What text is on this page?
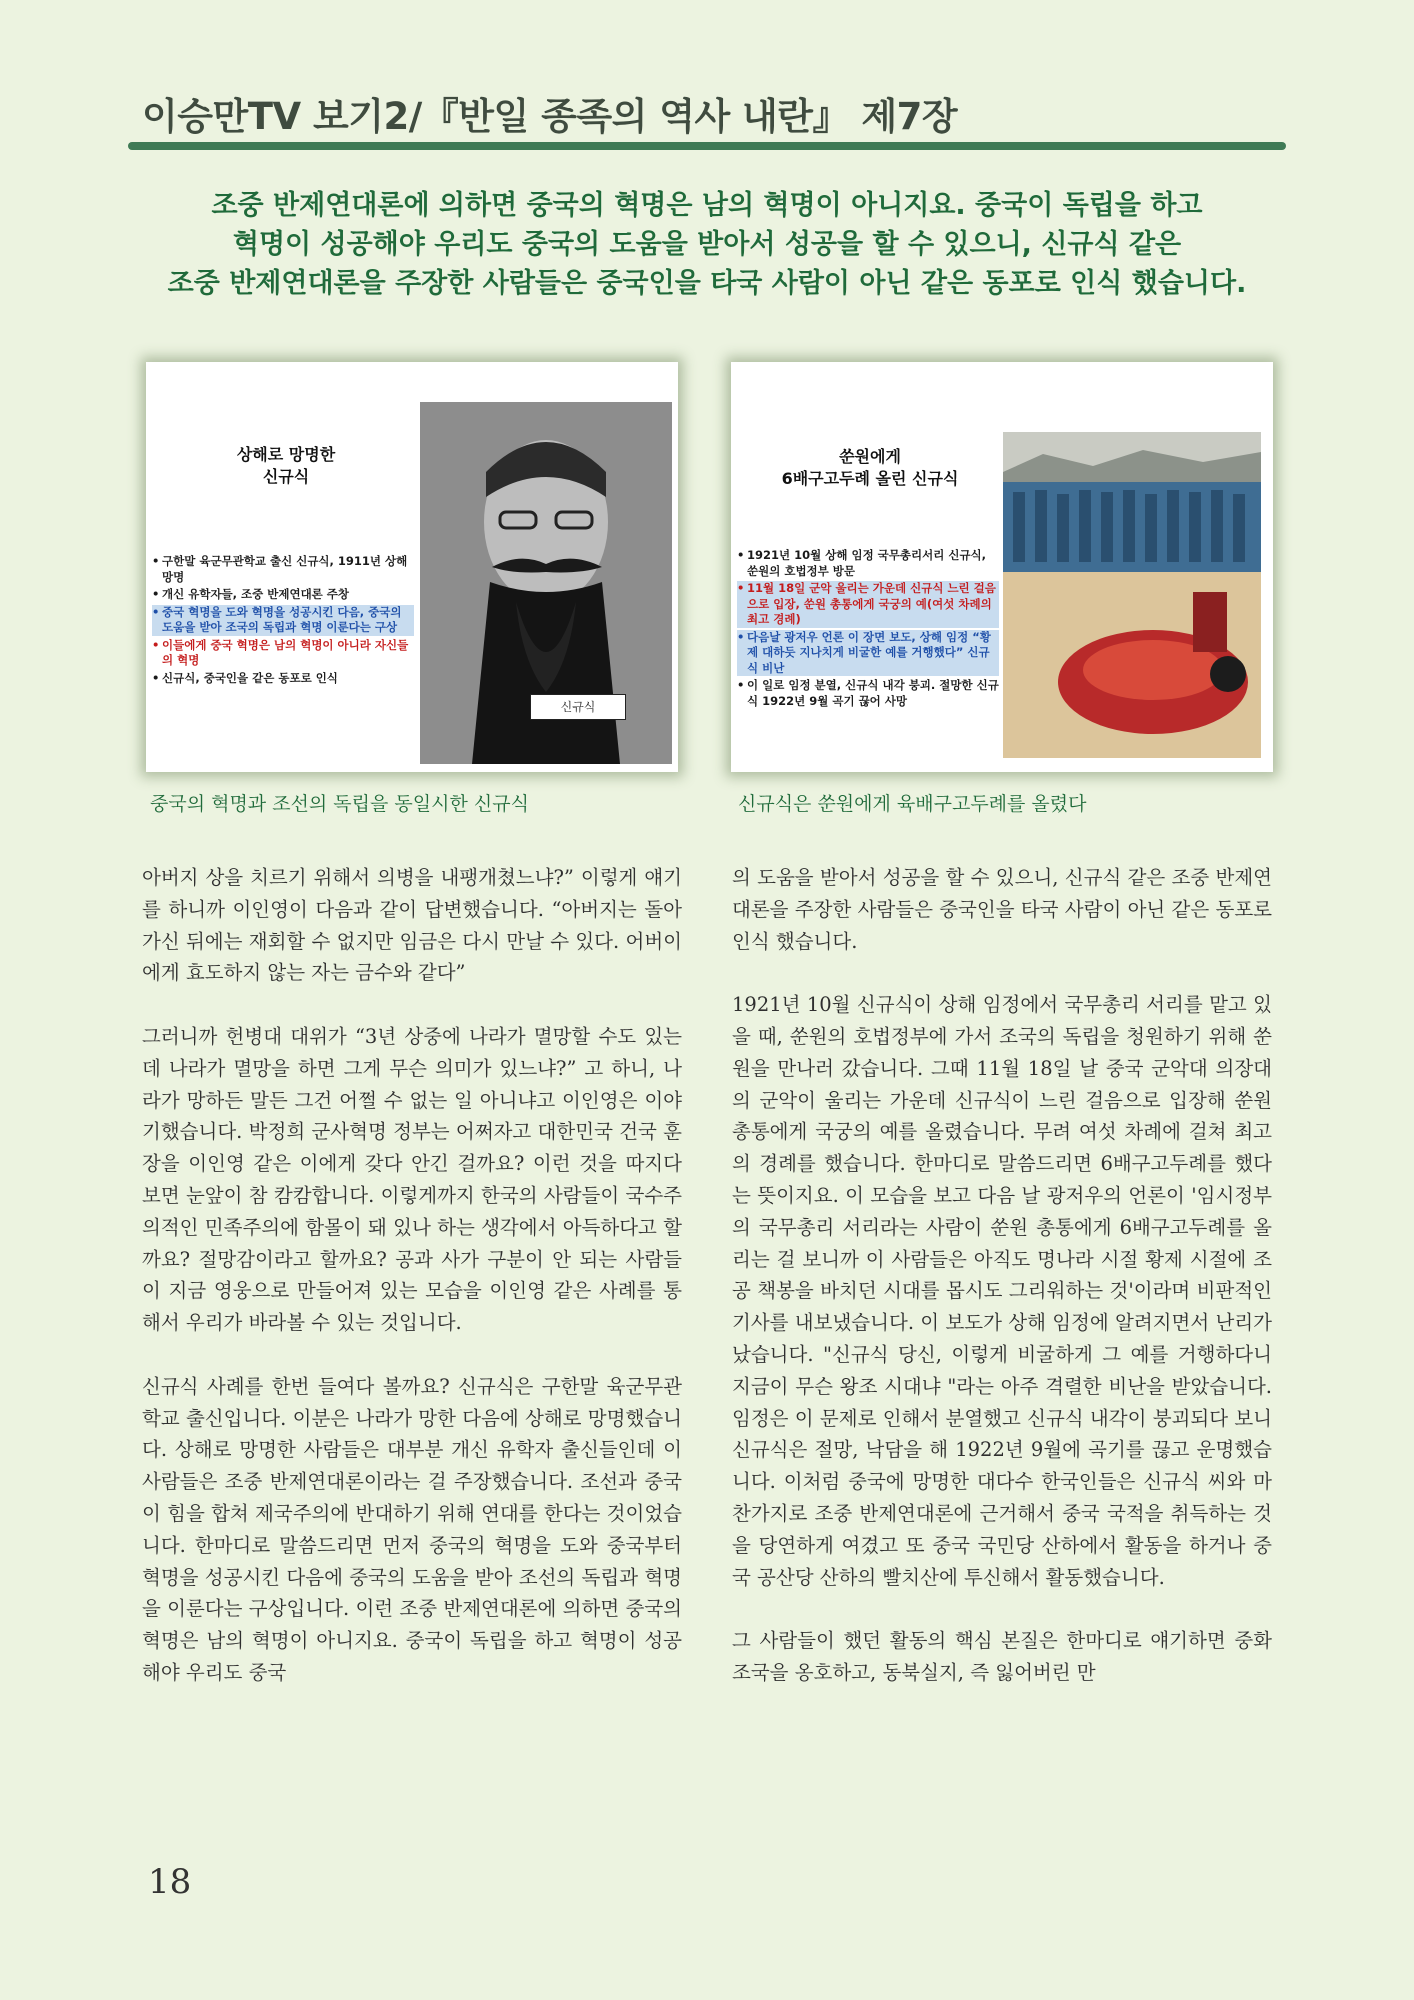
이승만TV 보기2/『반일 종족의 역사 내란』 제7장
조중 반제연대론에 의하면 중국의 혁명은 남의 혁명이 아니지요. 중국이 독립을 하고
혁명이 성공해야 우리도 중국의 도움을 받아서 성공을 할 수 있으니, 신규식 같은
조중 반제연대론을 주장한 사람들은 중국인을 타국 사람이 아닌 같은 동포로 인식 했습니다.
상해로 망명한
신규식
• 구한말 육군무관학교 출신 신규식, 1911년 상해 망명
• 개신 유학자들, 조중 반제연대론 주창
• 중국 혁명을 도와 혁명을 성공시킨 다음, 중국의 도움을 받아 조국의 독립과 혁명 이룬다는 구상
• 이들에게 중국 혁명은 남의 혁명이 아니라 자신들의 혁명
• 신규식, 중국인을 같은 동포로 인식
신규식
중국의 혁명과 조선의 독립을 동일시한 신규식
쑨원에게
6배구고두례 올린 신규식
• 1921년 10월 상해 임정 국무총리서리 신규식, 쑨원의 호법정부 방문
• 11월 18일 군악 울리는 가운데 신규식 느린 걸음으로 입장, 쑨원 총통에게 국궁의 예(여섯 차례의 최고 경례)
• 다음날 광저우 언론 이 장면 보도, 상해 임정 “황제 대하듯 지나치게 비굴한 예를 거행했다” 신규식 비난
• 이 일로 임정 분열, 신규식 내각 붕괴. 절망한 신규식 1922년 9월 곡기 끊어 사망
신규식은 쑨원에게 육배구고두례를 올렸다

아버지 상을 치르기 위해서 의병을 내팽개쳤느냐?” 이렇게 얘기를 하니까 이인영이 다음과 같이 답변했습니다. “아버지는 돌아가신 뒤에는 재회할 수 없지만 임금은 다시 만날 수 있다. 어버이에게 효도하지 않는 자는 금수와 같다”

그러니까 헌병대 대위가 “3년 상중에 나라가 멸망할 수도 있는데 나라가 멸망을 하면 그게 무슨 의미가 있느냐?” 고 하니, 나라가 망하든 말든 그건 어쩔 수 없는 일 아니냐고 이인영은 이야기했습니다. 박정희 군사혁명 정부는 어쩌자고 대한민국 건국 훈장을 이인영 같은 이에게 갖다 안긴 걸까요? 이런 것을 따지다 보면 눈앞이 참 캄캄합니다. 이렇게까지 한국의 사람들이 국수주의적인 민족주의에 함몰이 돼 있나 하는 생각에서 아득하다고 할까요? 절망감이라고 할까요? 공과 사가 구분이 안 되는 사람들이 지금 영웅으로 만들어져 있는 모습을 이인영 같은 사례를 통해서 우리가 바라볼 수 있는 것입니다.

신규식 사례를 한번 들여다 볼까요? 신규식은 구한말 육군무관학교 출신입니다. 이분은 나라가 망한 다음에 상해로 망명했습니다. 상해로 망명한 사람들은 대부분 개신 유학자 출신들인데 이 사람들은 조중 반제연대론이라는 걸 주장했습니다. 조선과 중국이 힘을 합쳐 제국주의에 반대하기 위해 연대를 한다는 것이었습니다. 한마디로 말씀드리면 먼저 중국의 혁명을 도와 중국부터 혁명을 성공시킨 다음에 중국의 도움을 받아 조선의 독립과 혁명을 이룬다는 구상입니다. 이런 조중 반제연대론에 의하면 중국의 혁명은 남의 혁명이 아니지요. 중국이 독립을 하고 혁명이 성공해야 우리도 중국

의 도움을 받아서 성공을 할 수 있으니, 신규식 같은 조중 반제연대론을 주장한 사람들은 중국인을 타국 사람이 아닌 같은 동포로 인식 했습니다.

1921년 10월 신규식이 상해 임정에서 국무총리 서리를 맡고 있을 때, 쑨원의 호법정부에 가서 조국의 독립을 청원하기 위해 쑨원을 만나러 갔습니다. 그때 11월 18일 날 중국 군악대 의장대의 군악이 울리는 가운데 신규식이 느린 걸음으로 입장해 쑨원 총통에게 국궁의 예를 올렸습니다. 무려 여섯 차례에 걸쳐 최고의 경례를 했습니다. 한마디로 말씀드리면 6배구고두례를 했다는 뜻이지요. 이 모습을 보고 다음 날 광저우의 언론이 '임시정부의 국무총리 서리라는 사람이 쑨원 총통에게 6배구고두례를 올리는 걸 보니까 이 사람들은 아직도 명나라 시절 황제 시절에 조공 책봉을 바치던 시대를 몹시도 그리워하는 것'이라며 비판적인 기사를 내보냈습니다. 이 보도가 상해 임정에 알려지면서 난리가 났습니다. "신규식 당신, 이렇게 비굴하게 그 예를 거행하다니 지금이 무슨 왕조 시대냐 "라는 아주 격렬한 비난을 받았습니다. 임정은 이 문제로 인해서 분열했고 신규식 내각이 붕괴되다 보니 신규식은 절망, 낙담을 해 1922년 9월에 곡기를 끊고 운명했습니다. 이처럼 중국에 망명한 대다수 한국인들은 신규식 씨와 마찬가지로 조중 반제연대론에 근거해서 중국 국적을 취득하는 것을 당연하게 여겼고 또 중국 국민당 산하에서 활동을 하거나 중국 공산당 산하의 빨치산에 투신해서 활동했습니다.

그 사람들이 했던 활동의 핵심 본질은 한마디로 얘기하면 중화 조국을 옹호하고, 동북실지, 즉 잃어버린 만

18
